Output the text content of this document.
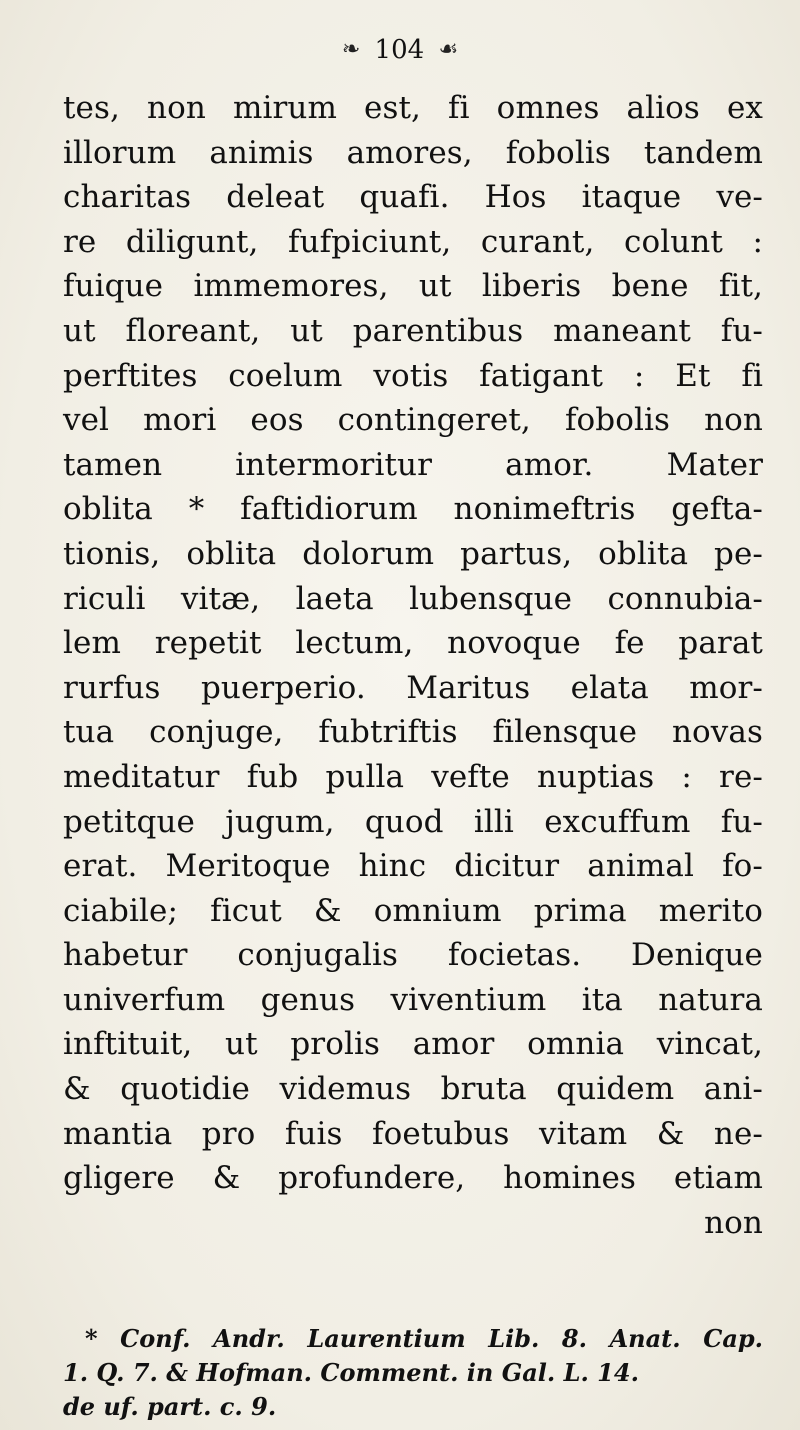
❧ 104 ☙
tes, non mirum est, fi omnes alios ex
illorum animis amores, fobolis tandem
charitas deleat quafi. Hos itaque ve-
re diligunt, fufpiciunt, curant, colunt :
fuique immemores, ut liberis bene fit,
ut floreant, ut parentibus maneant fu-
perftites coelum votis fatigant : Et fi
vel mori eos contingeret, fobolis non
tamen intermoritur amor. Mater
oblita * faftidiorum nonimeftris gefta-
tionis, oblita dolorum partus, oblita pe-
riculi vitæ, laeta lubensque connubia-
lem repetit lectum, novoque fe parat
rurfus puerperio. Maritus elata mor-
tua conjuge, fubtriftis filensque novas
meditatur fub pulla vefte nuptias : re-
petitque jugum, quod illi excuffum fu-
erat. Meritoque hinc dicitur animal fo-
ciabile; ficut & omnium prima merito
habetur conjugalis focietas. Denique
univerfum genus viventium ita natura
inftituit, ut prolis amor omnia vincat,
& quotidie videmus bruta quidem ani-
mantia pro fuis foetubus vitam & ne-
gligere & profundere, homines etiam
non
* Conf. Andr. Laurentium Lib. 8. Anat. Cap.
1. Q. 7. & Hofman. Comment. in Gal. L. 14.
de uf. part. c. 9.
